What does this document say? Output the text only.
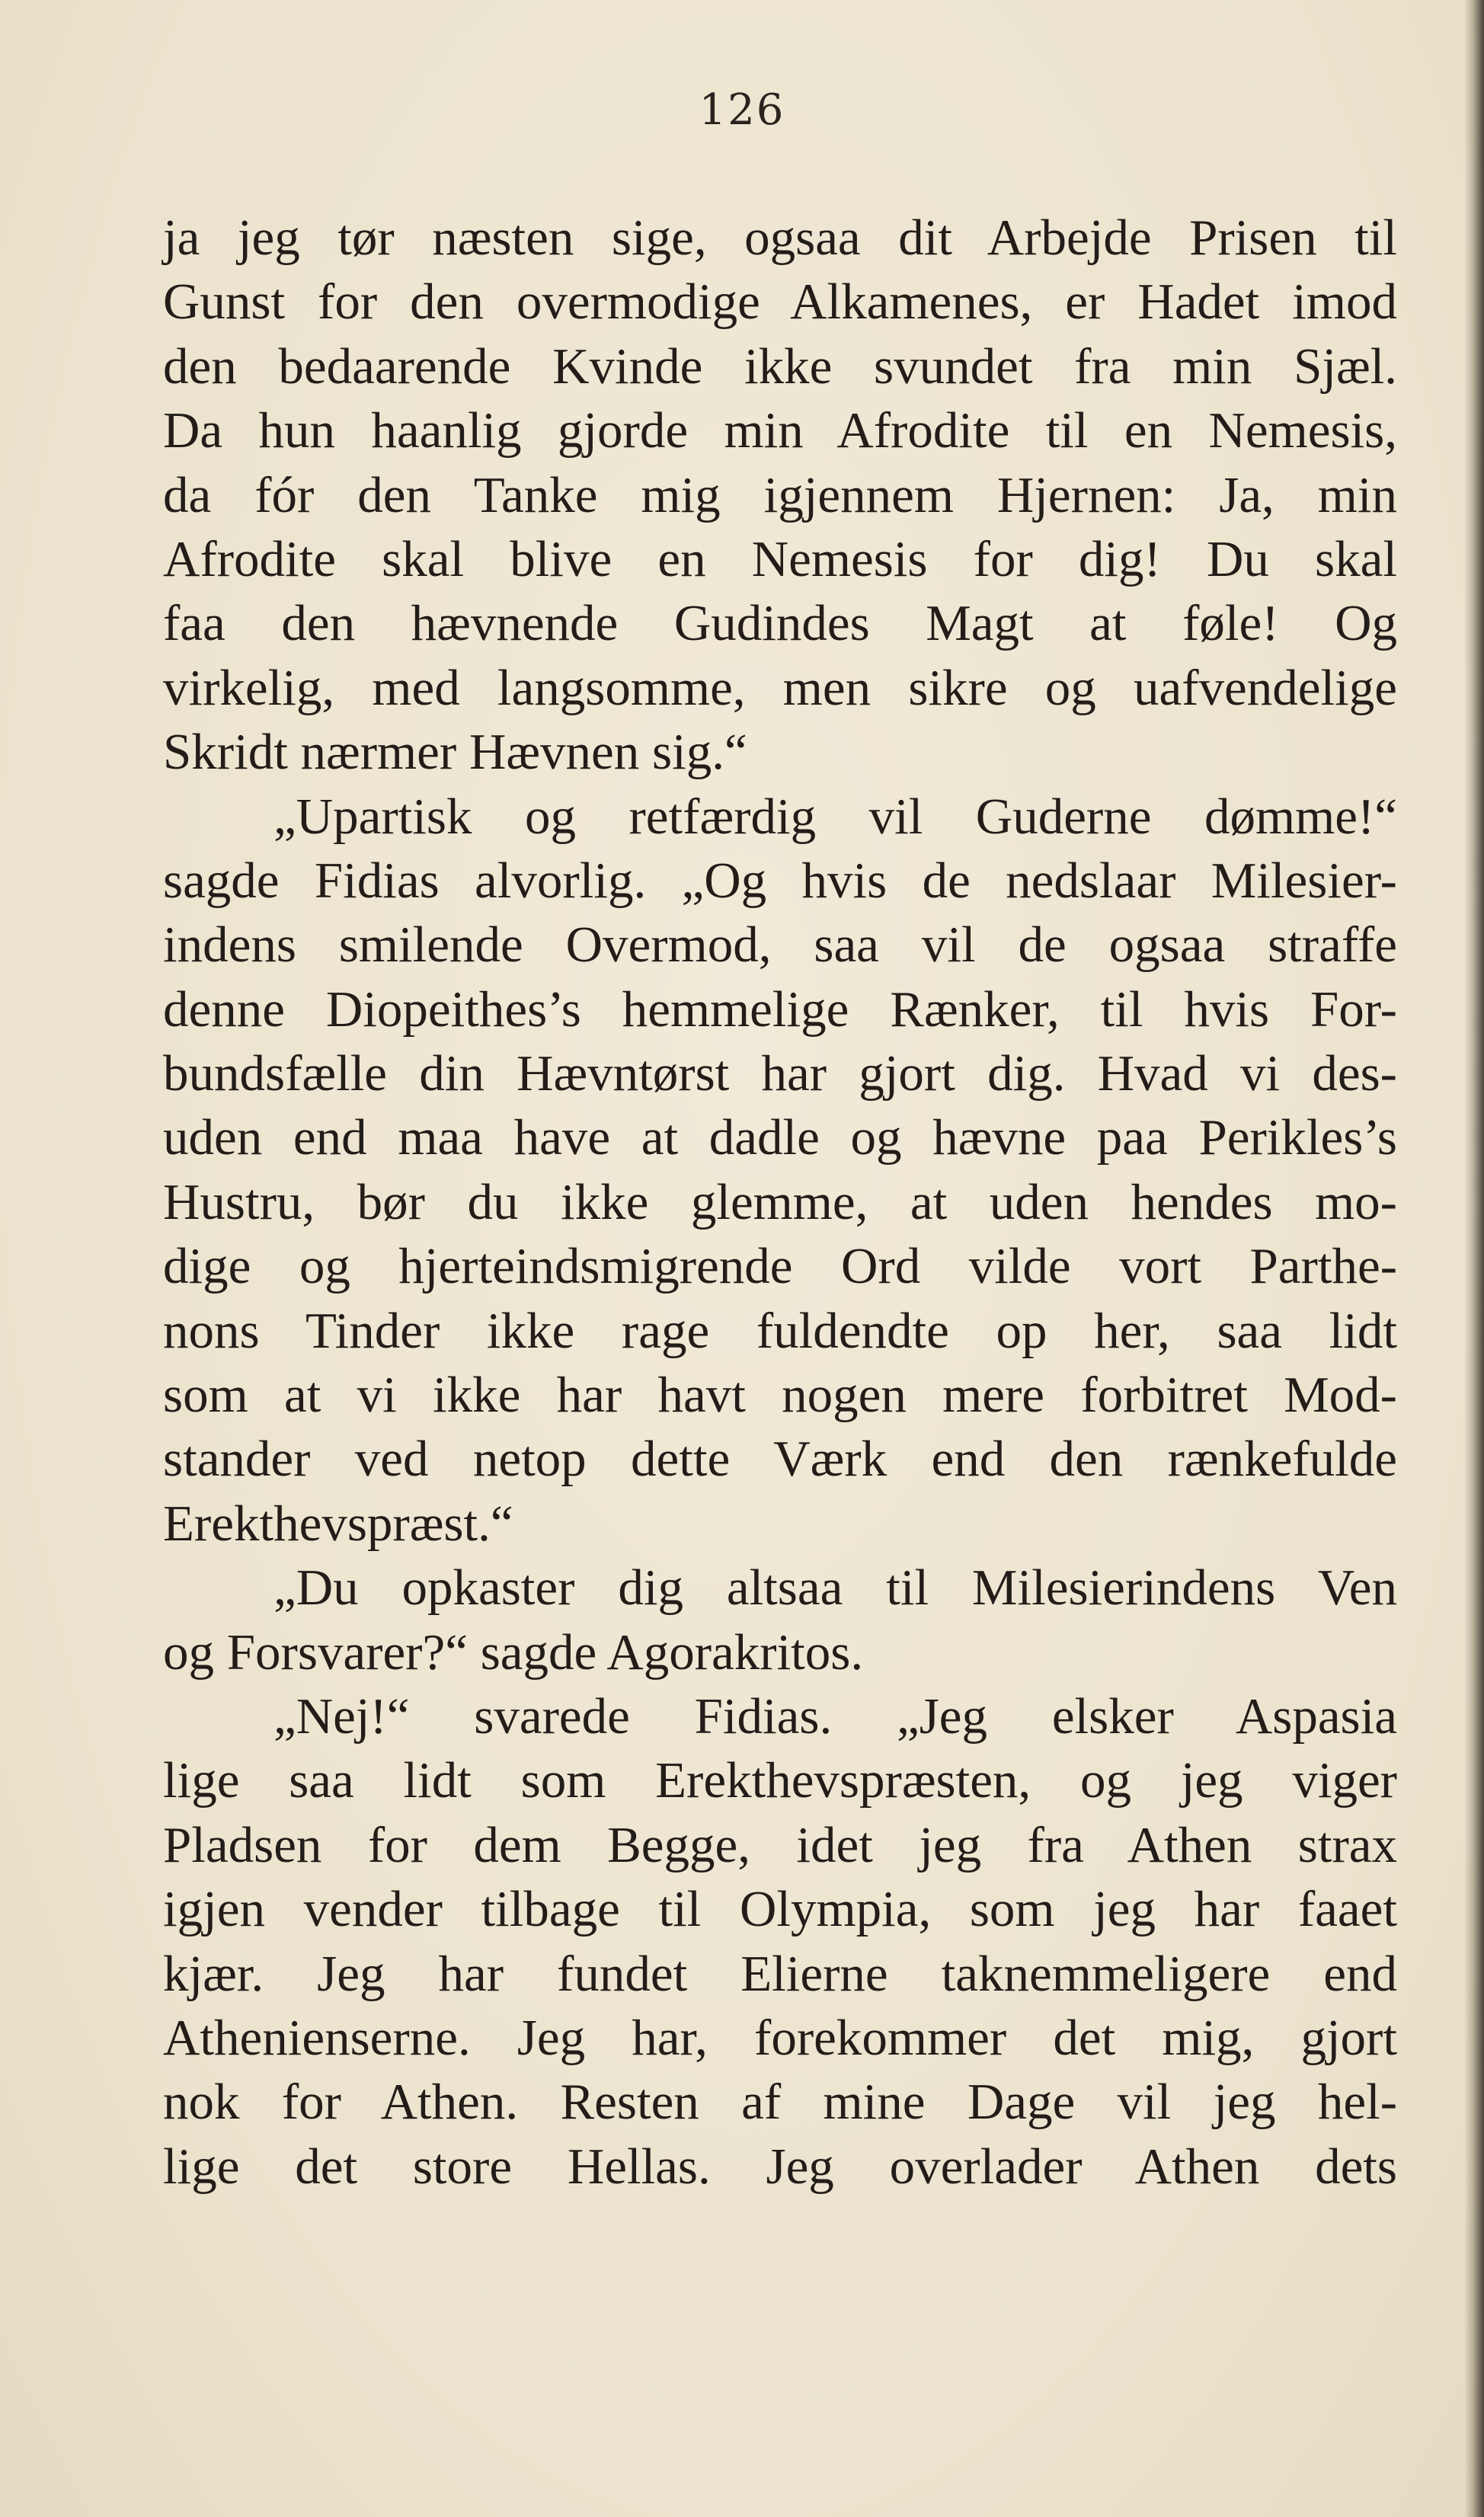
126
ja jeg tør næsten sige, ogsaa dit Arbejde Prisen til
Gunst for den overmodige Alkamenes, er Hadet imod
den bedaarende Kvinde ikke svundet fra min Sjæl.
Da hun haanlig gjorde min Afrodite til en Nemesis,
da fór den Tanke mig igjennem Hjernen: Ja, min
Afrodite skal blive en Nemesis for dig! Du skal
faa den hævnende Gudindes Magt at føle! Og
virkelig, med langsomme, men sikre og uafvendelige
Skridt nærmer Hævnen sig.“
„Upartisk og retfærdig vil Guderne dømme!“
sagde Fidias alvorlig. „Og hvis de nedslaar Milesier-
indens smilende Overmod, saa vil de ogsaa straffe
denne Diopeithes’s hemmelige Rænker, til hvis For-
bundsfælle din Hævntørst har gjort dig. Hvad vi des-
uden end maa have at dadle og hævne paa Perikles’s
Hustru, bør du ikke glemme, at uden hendes mo-
dige og hjerteindsmigrende Ord vilde vort Parthe-
nons Tinder ikke rage fuldendte op her, saa lidt
som at vi ikke har havt nogen mere forbitret Mod-
stander ved netop dette Værk end den rænkefulde
Erekthevspræst.“
„Du opkaster dig altsaa til Milesierindens Ven
og Forsvarer?“ sagde Agorakritos.
„Nej!“ svarede Fidias. „Jeg elsker Aspasia
lige saa lidt som Erekthevspræsten, og jeg viger
Pladsen for dem Begge, idet jeg fra Athen strax
igjen vender tilbage til Olympia, som jeg har faaet
kjær. Jeg har fundet Elierne taknemmeligere end
Athenienserne. Jeg har, forekommer det mig, gjort
nok for Athen. Resten af mine Dage vil jeg hel-
lige det store Hellas. Jeg overlader Athen dets
